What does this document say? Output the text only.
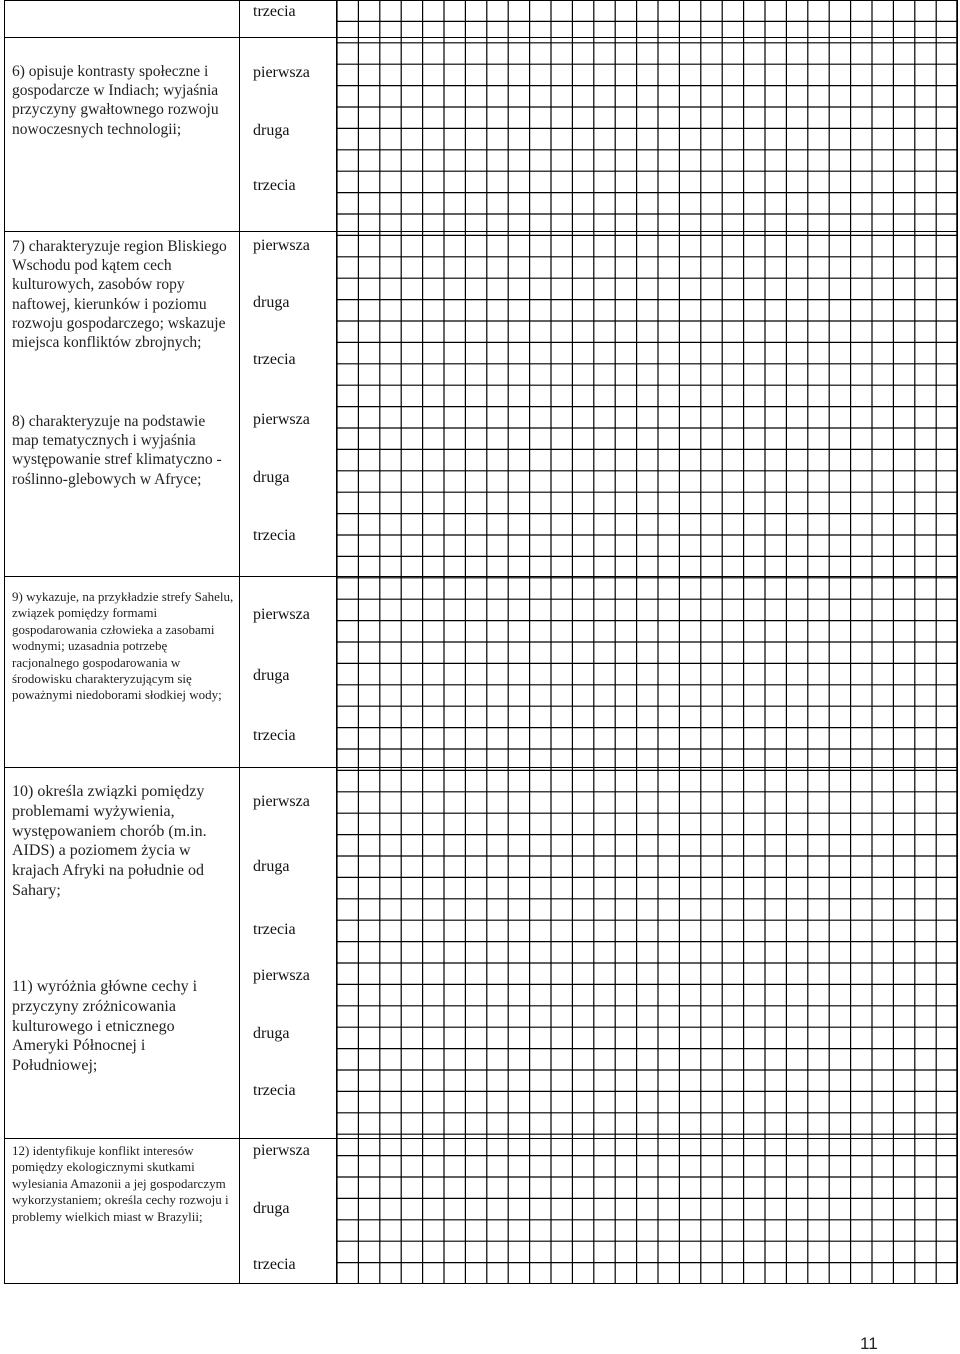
trzecia
6) opisuje kontrasty społeczne i gospodarcze w Indiach; wyjaśnia przyczyny gwałtownego rozwoju nowoczesnych technologii;
pierwsza
druga
trzecia
7) charakteryzuje region Bliskiego Wschodu pod kątem cech kulturowych, zasobów ropy naftowej, kierunków i poziomu rozwoju gospodarczego; wskazuje miejsca konfliktów zbrojnych;
pierwsza
druga
trzecia
8) charakteryzuje na podstawie map tematycznych i wyjaśnia występowanie stref klimatyczno - roślinno-glebowych w Afryce;
pierwsza
druga
trzecia
9) wykazuje, na przykładzie strefy Sahelu, związek pomiędzy formami gospodarowania człowieka a zasobami wodnymi; uzasadnia potrzebę racjonalnego gospodarowania w środowisku charakteryzującym się poważnymi niedoborami słodkiej wody;
pierwsza
druga
trzecia
10) określa związki pomiędzy problemami wyżywienia, występowaniem chorób (m.in. AIDS) a poziomem życia w krajach Afryki na południe od Sahary;
pierwsza
druga
trzecia
11) wyróżnia główne cechy i przyczyny zróżnicowania kulturowego i etnicznego Ameryki Północnej i Południowej;
pierwsza
druga
trzecia
12) identyfikuje konflikt interesów pomiędzy ekologicznymi skutkami wylesiania Amazonii a jej gospodarczym wykorzystaniem; określa cechy rozwoju i problemy wielkich miast w Brazylii;
pierwsza
druga
trzecia
11
